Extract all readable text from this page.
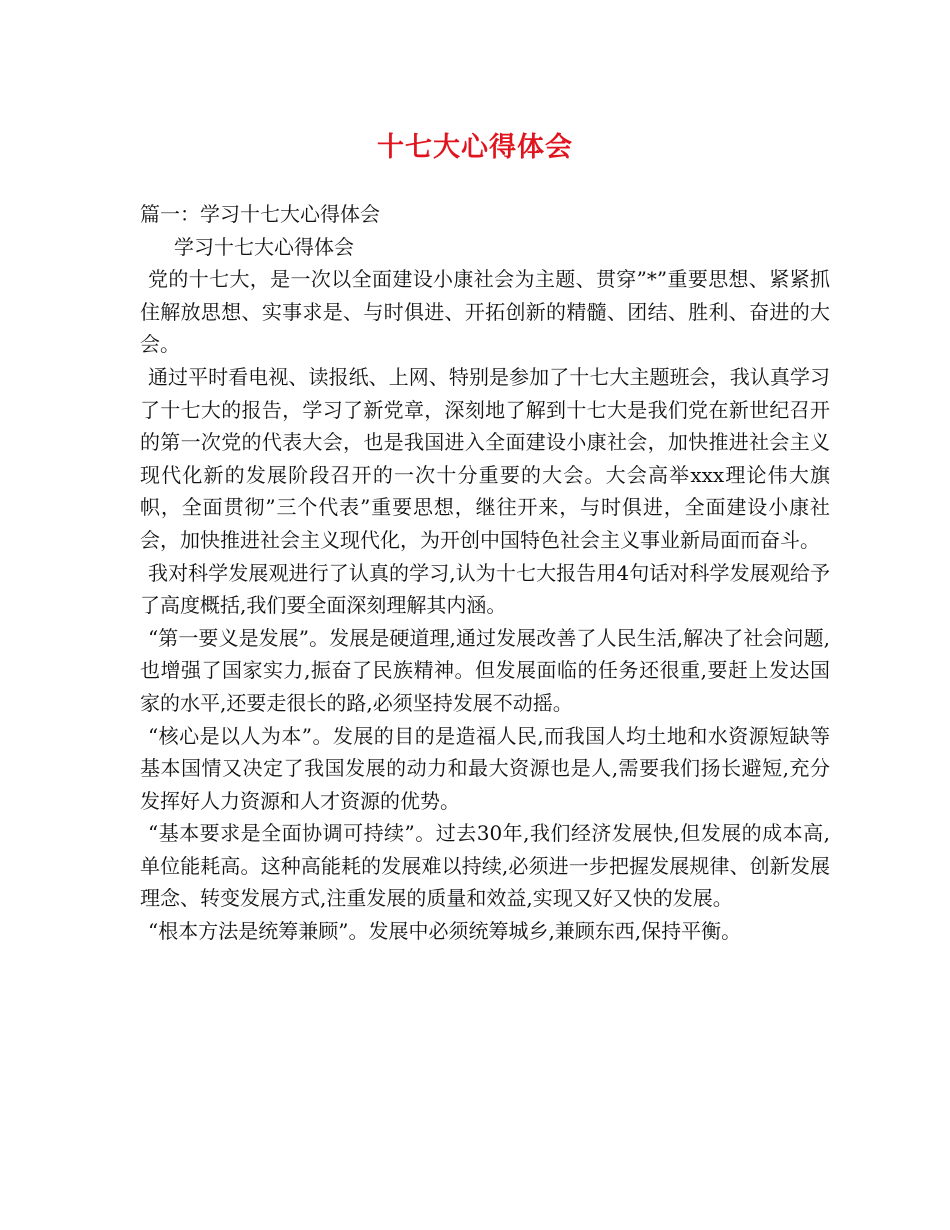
十七大心得体会

篇一：学习十七大心得体会

学习十七大心得体会

党的十七大，是一次以全面建设小康社会为主题、贯穿”*”重要思想、紧紧抓住解放思想、实事求是、与时俱进、开拓创新的精髓、团结、胜利、奋进的大会。

通过平时看电视、读报纸、上网、特别是参加了十七大主题班会，我认真学习了十七大的报告，学习了新党章，深刻地了解到十七大是我们党在新世纪召开的第一次党的代表大会，也是我国进入全面建设小康社会，加快推进社会主义现代化新的发展阶段召开的一次十分重要的大会。大会高举xxx理论伟大旗帜，全面贯彻”三个代表”重要思想，继往开来，与时俱进，全面建设小康社会，加快推进社会主义现代化，为开创中国特色社会主义事业新局面而奋斗。

我对科学发展观进行了认真的学习,认为十七大报告用4句话对科学发展观给予了高度概括,我们要全面深刻理解其内涵。

“第一要义是发展”。发展是硬道理,通过发展改善了人民生活,解决了社会问题,也增强了国家实力,振奋了民族精神。但发展面临的任务还很重,要赶上发达国家的水平,还要走很长的路,必须坚持发展不动摇。

“核心是以人为本”。发展的目的是造福人民,而我国人均土地和水资源短缺等基本国情又决定了我国发展的动力和最大资源也是人,需要我们扬长避短,充分发挥好人力资源和人才资源的优势。

“基本要求是全面协调可持续”。过去30年,我们经济发展快,但发展的成本高,单位能耗高。这种高能耗的发展难以持续,必须进一步把握发展规律、创新发展理念、转变发展方式,注重发展的质量和效益,实现又好又快的发展。

“根本方法是统筹兼顾”。发展中必须统筹城乡,兼顾东西,保持平衡。
